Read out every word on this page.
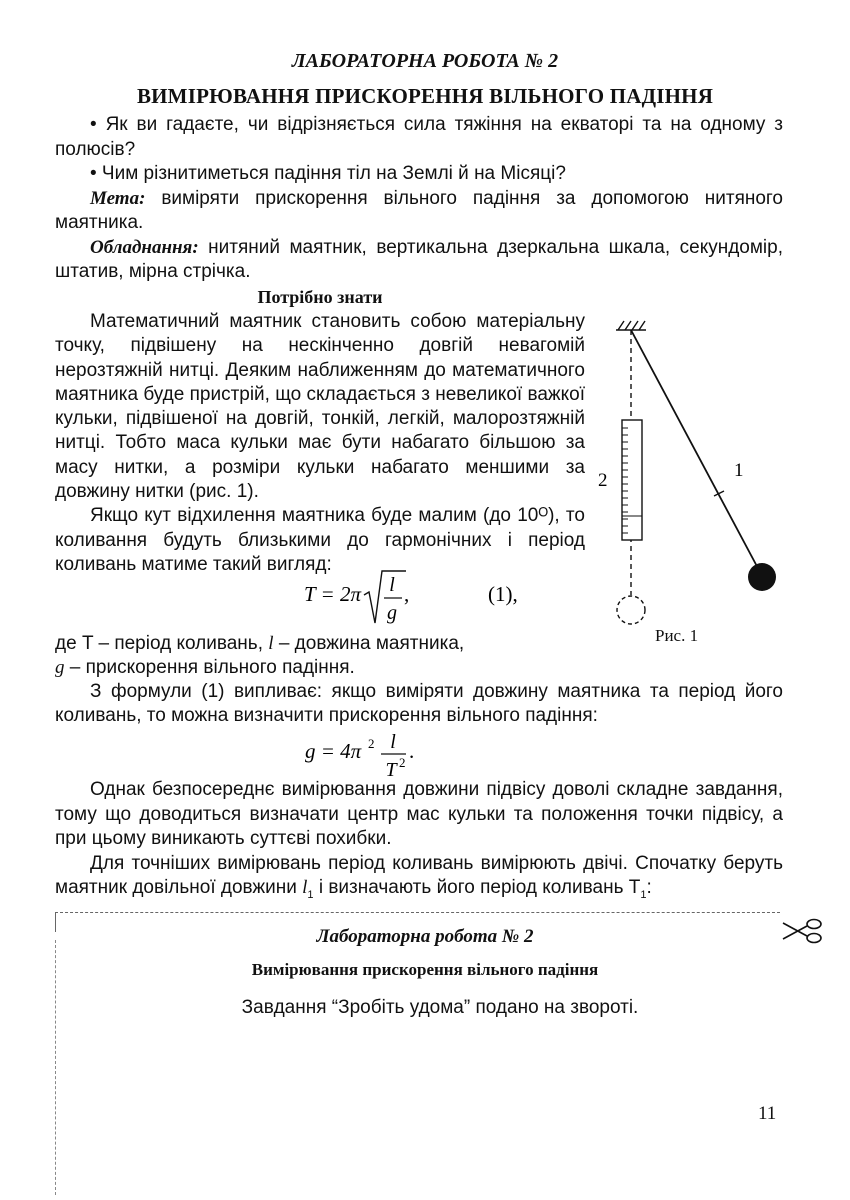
ЛАБОРАТОРНА РОБОТА № 2
ВИМІРЮВАННЯ ПРИСКОРЕННЯ ВІЛЬНОГО ПАДІННЯ

• Як ви гадаєте, чи відрізняється сила тяжіння на екваторі та на одному з полюсів?

• Чим різнитиметься падіння тіл на Землі й на Місяці?

Мета: виміряти прискорення вільного падіння за допомогою нитяного маятника.

Обладнання: нитяний маятник, вертикальна дзеркальна шкала, секундомір, штатив, мірна стрічка.

Потрібно знати

Математичний маятник становить собою матеріальну точку, підвішену на нескінченно довгій невагомій нерозтяжній нитці. Деяким наближенням до математичного маятника буде пристрій, що складається з невеликої важкої кульки, підвішеної на довгій, тонкій, легкій, малорозтяжній нитці. Тобто маса кульки має бути набагато більшою за масу нитки, а розміри кульки набагато меншими за довжину нитки (рис. 1).

Якщо кут відхилення маятника буде малим (до 10ᴼ), то коливання будуть близькими до гармонічних і період коливань матиме такий вигляд:

T = 2π l
g
,	(1),

де T – період коливань, l – довжина маятника,
g – прискорення вільного падіння.

З формули (1) випливає: якщо виміряти довжину маятника та період його коливань, то можна визначити прискорення вільного падіння:

g = 4π 2 l
T 2 .

Однак безпосереднє вимірювання довжини підвісу доволі складне завдання, тому що доводиться визначати центр мас кульки та положення точки підвісу, а при цьому виникають суттєві похибки.

Для точніших вимірювань період коливань вимірюють двічі. Спочатку беруть маятник довільної довжини $l_1$ і визначають його період коливань $T_1$:

1
2

Рис. 1

Лабораторна робота № 2
Вимірювання прискорення вільного падіння

Завдання “Зробіть удома” подано на звороті.

11
